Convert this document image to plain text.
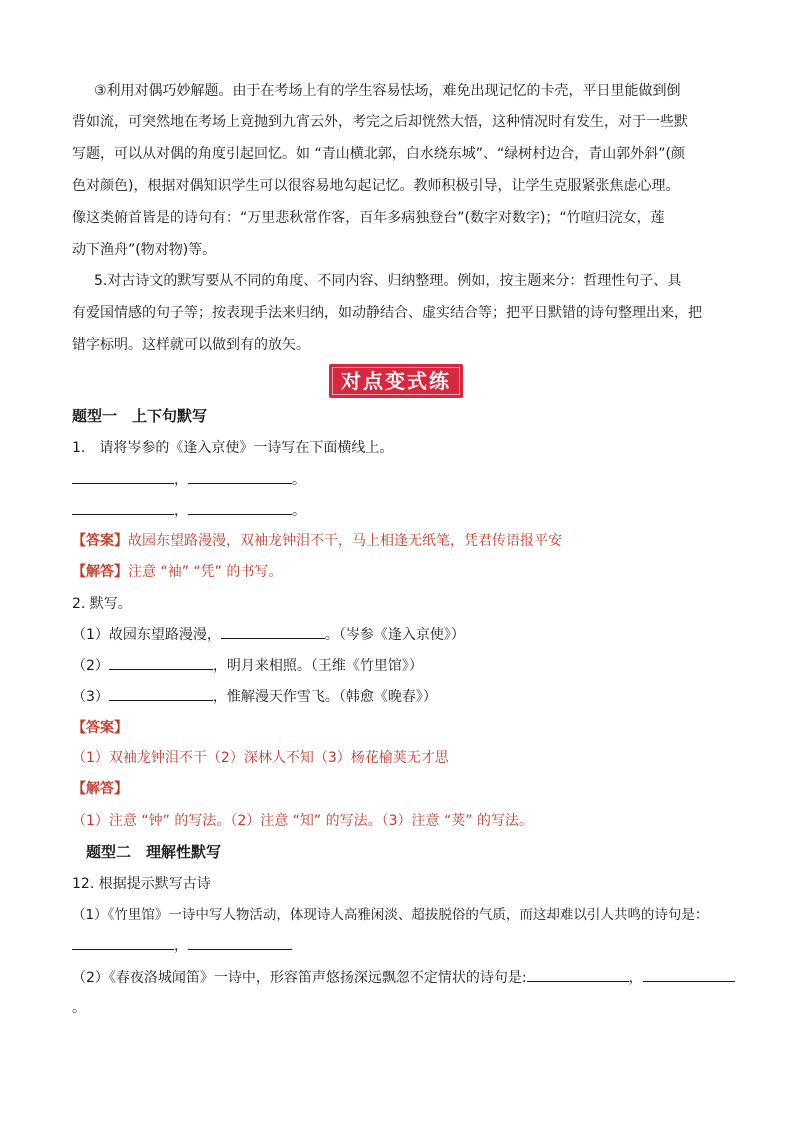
③利用对偶巧妙解题。由于在考场上有的学生容易怯场，难免出现记忆的卡壳，平日里能做到倒
背如流，可突然地在考场上竟抛到九宵云外，考完之后却恍然大悟，这种情况时有发生，对于一些默
写题，可以从对偶的角度引起回忆。如 “青山横北郭，白水绕东城”、“绿树村边合，青山郭外斜”(颜
色对颜色)，根据对偶知识学生可以很容易地勾起记忆。教师积极引导，让学生克服紧张焦虑心理。
像这类俯首皆是的诗句有：“万里悲秋常作客，百年多病独登台”(数字对数字)；“竹喧归浣女，莲
动下渔舟”(物对物)等。
5.对古诗文的默写要从不同的角度、不同内容、归纳整理。例如，按主题来分：哲理性句子、具
有爱国情感的句子等；按表现手法来归纳，如动静结合、虚实结合等；把平日默错的诗句整理出来，把
错字标明。这样就可以做到有的放矢。
对点变式练
题型一　上下句默写
1.　请将岑参的《逢入京使》一诗写在下面横线上。
，	。
，	。
【答案】故园东望路漫漫，双袖龙钟泪不干，马上相逢无纸笔，凭君传语报平安
【解答】注意 “袖” “凭” 的书写。
2. 默写。
（1）故园东望路漫漫，	。（岑参《逢入京使》）
（2）	，明月来相照。（王维《竹里馆》）
（3）	，惟解漫天作雪飞。（韩愈《晚春》）
【答案】
（1）双袖龙钟泪不干（2）深林人不知（3）杨花榆荚无才思
【解答】
（1）注意 “钟” 的写法。（2）注意 “知” 的写法。（3）注意 “荚” 的写法。
题型二　理解性默写
12. 根据提示默写古诗
（1）《竹里馆》一诗中写人物活动，体现诗人高雅闲淡、超拔脱俗的气质，而这却难以引人共鸣的诗句是：
，
（2）《春夜洛城闻笛》一诗中，形容笛声悠扬深远飘忽不定情状的诗句是:	，
。
